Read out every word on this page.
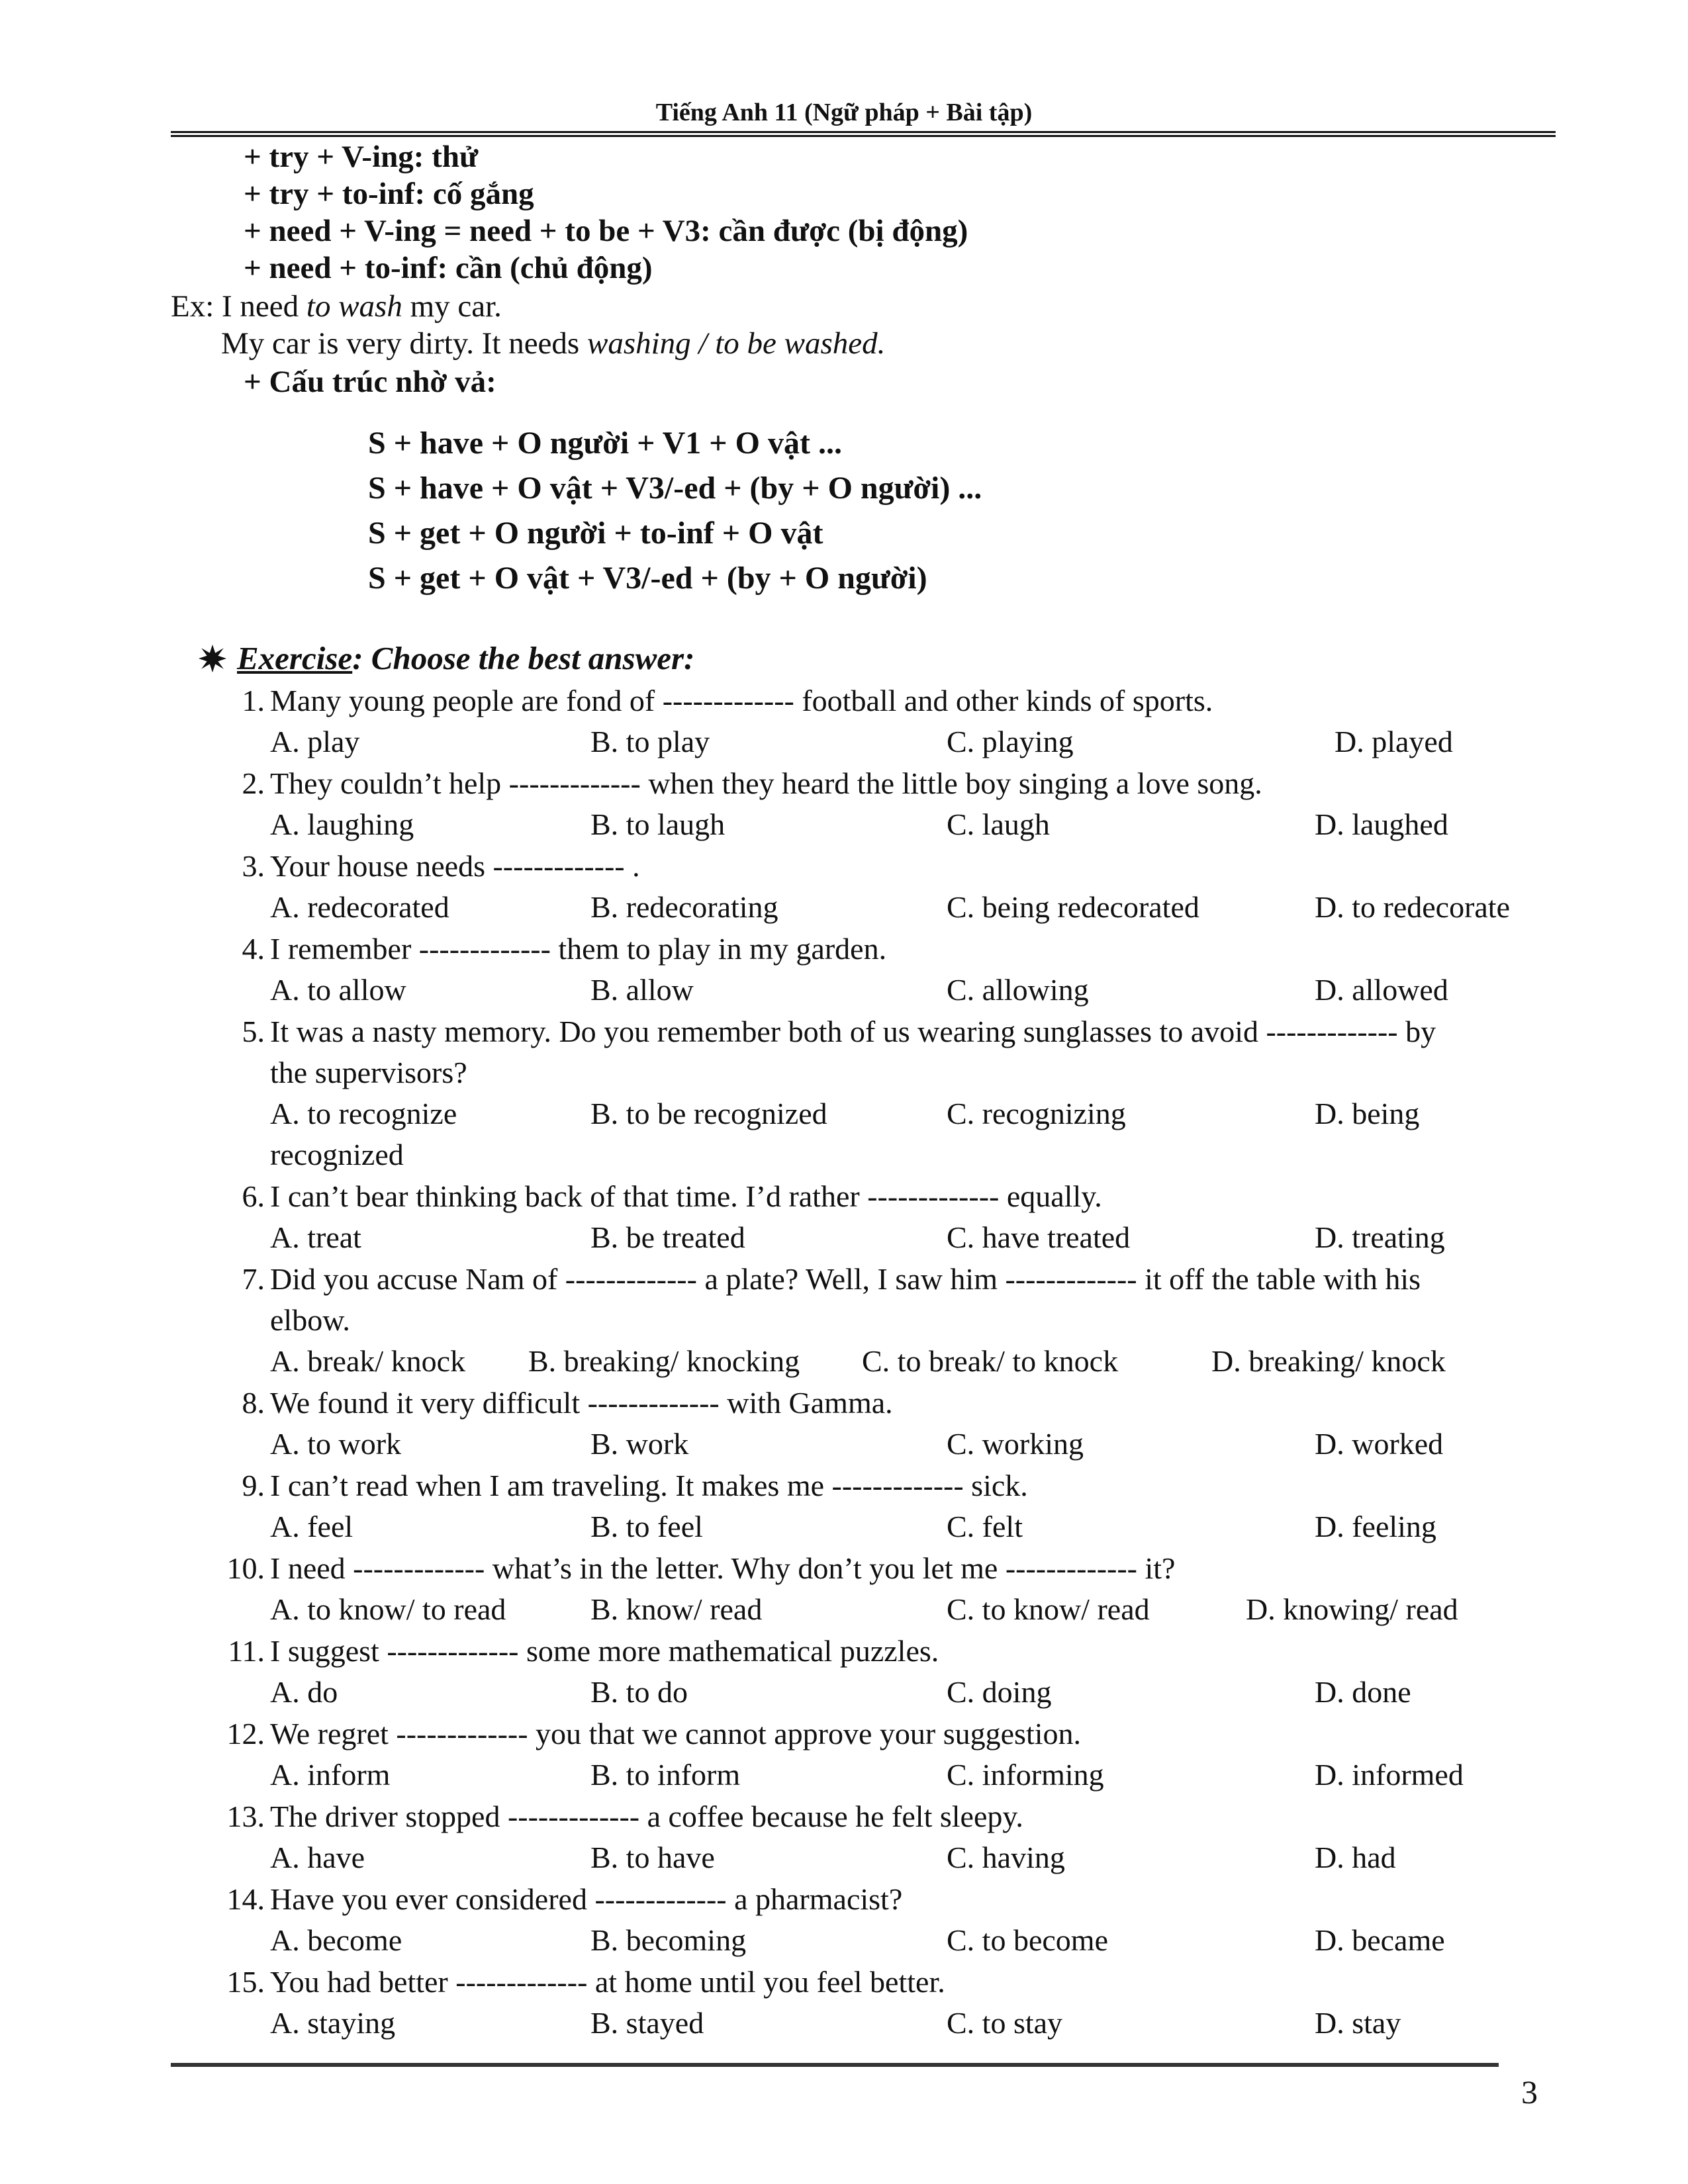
Tiếng Anh 11 (Ngữ pháp + Bài tập)
+ try + V-ing: thử
+ try + to-inf: cố gắng
+ need + V-ing = need + to be + V3: cần được (bị động)
+ need + to-inf: cần (chủ động)
Ex: I need to wash my car.
My car is very dirty. It needs washing / to be washed.
+ Cấu trúc nhờ vả:
S + have + O người + V1 + O vật ...
S + have + O vật + V3/-ed + (by + O người) ...
S + get + O người + to-inf + O vật
S + get + O vật + V3/-ed + (by + O người)
Exercise: Choose the best answer:
1. Many young people are fond of ------------- football and other kinds of sports.
A. play	B. to play	C. playing	D. played
2. They couldn’t help ------------- when they heard the little boy singing a love song.
A. laughing	B. to laugh	C. laugh	D. laughed
3. Your house needs ------------- .
A. redecorated	B. redecorating	C. being redecorated	D. to redecorate
4. I remember ------------- them to play in my garden.
A. to allow	B. allow	C. allowing	D. allowed
5. It was a nasty memory. Do you remember both of us wearing sunglasses to avoid ------------- by
the supervisors?
A. to recognize	B. to be recognized	C. recognizing	D. being
recognized
6. I can’t bear thinking back of that time. I’d rather ------------- equally.
A. treat	B. be treated	C. have treated	D. treating
7. Did you accuse Nam of ------------- a plate? Well, I saw him ------------- it off the table with his
elbow.
A. break/ knock B. breaking/ knocking C. to break/ to knock	D. breaking/ knock
8. We found it very difficult ------------- with Gamma.
A. to work	B. work	C. working	D. worked
9. I can’t read when I am traveling. It makes me ------------- sick.
A. feel	B. to feel	C. felt	D. feeling
10. I need ------------- what’s in the letter. Why don’t you let me ------------- it?
A. to know/ to read	B. know/ read	C. to know/ read	D. knowing/ read
11. I suggest ------------- some more mathematical puzzles.
A. do	B. to do	C. doing	D. done
12. We regret ------------- you that we cannot approve your suggestion.
A. inform	B. to inform	C. informing	D. informed
13. The driver stopped ------------- a coffee because he felt sleepy.
A. have	B. to have	C. having	D. had
14. Have you ever considered ------------- a pharmacist?
A. become	B. becoming	C. to become	D. became
15. You had better ------------- at home until you feel better.
A. staying	B. stayed	C. to stay	D. stay
3
